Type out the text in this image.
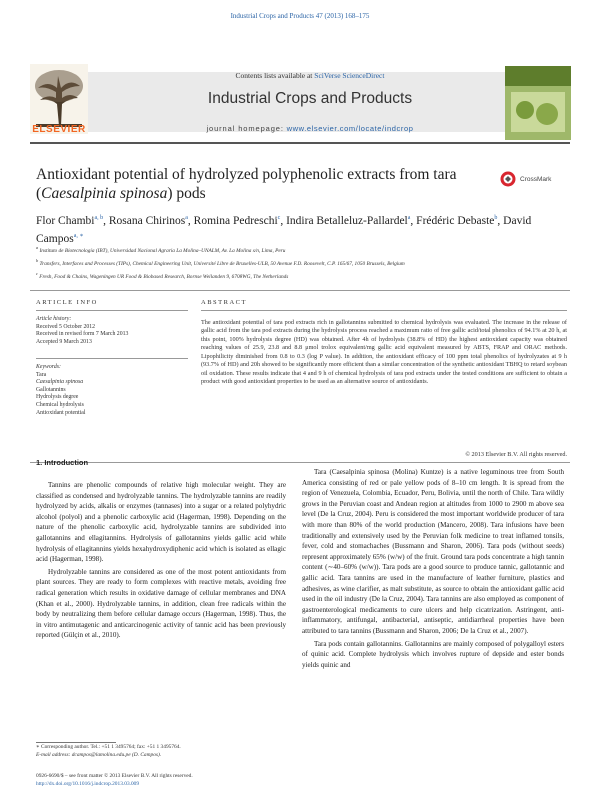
Industrial Crops and Products 47 (2013) 168–175
Contents lists available at SciVerse ScienceDirect
Industrial Crops and Products
journal homepage: www.elsevier.com/locate/indcrop
ELSEVIER
Antioxidant potential of hydrolyzed polyphenolic extracts from tara (Caesalpinia spinosa) pods
CrossMark
Flor Chambi$^{a, b}$, Rosana Chirinos$^a$, Romina Pedreschi$^c$, Indira Betalleluz-Pallardel$^a$, Frédéric Debaste$^b$, David Campos$^{a, ∗}$
$^a$ Instituto de Biotecnología (IBT), Universidad Nacional Agraria La Molina–UNALM, Av. La Molina s/n, Lima, Peru
$^b$ Transfers, Interfaces and Processes (TIPs), Chemical Engineering Unit, Université Libre de Bruxelles-ULB, 50 Avenue F.D. Roosevelt, C.P. 165/67, 1050 Brussels, Belgium
$^c$ Fresh, Food & Chains, Wageningen UR Food & Biobased Research, Bornse Weilanden 9, 6708WG, The Netherlands
ARTICLE INFO
Article history:
Received 5 October 2012
Received in revised form 7 March 2013
Accepted 9 March 2013
Keywords:
Tara
Caesalpinia spinosa
Gallotannins
Hydrolysis degree
Chemical hydrolysis
Antioxidant potential
ABSTRACT
The antioxidant potential of tara pod extracts rich in gallotannins submitted to chemical hydrolysis was evaluated. The increase in the release of gallic acid from the tara pod extracts during the hydrolysis process reached a maximum ratio of free gallic acid/total phenolics of 94.1% at 20 h, at this point, 100% hydrolysis degree (HD) was obtained. After 4h of hydrolysis (38.8% of HD) the highest antioxidant capacity was obtained reaching values of 25.9, 23.8 and 8.8 μmol trolox equivalent/mg gallic acid equivalent measured by ABTS, FRAP and ORAC methods. Lipophilicity diminished from 0.8 to 0.3 (log P value). In addition, the antioxidant efficacy of 100 ppm total phenolics of hydrolyzates at 9 h (93.7% of HD) and 20h showed to be significantly more efficient than a similar concentration of the synthetic antioxidant TBHQ to retard soybean oil oxidation. These results indicate that 4 and 9 h of chemical hydrolysis of tara pod extracts under the tested conditions are sufficient to obtain a product with good antioxidant properties to be used as an alternative source of antioxidants.
© 2013 Elsevier B.V. All rights reserved.
1. Introduction

Tannins are phenolic compounds of relative high molecular weight. They are classified as condensed and hydrolyzable tannins. The hydrolyzable tannins are readily hydrolyzed by acids, alkalis or enzymes (tannases) into a sugar or a related polyhydric alcohol (polyol) and a phenolic carboxylic acid (Hagerman, 1998). Depending on the nature of the phenolic carboxylic acid, hydrolyzable tannins are subdivided into gallotannins and ellagitannins. Hydrolysis of gallotannins yields gallic acid while hydrolysis of ellagitannins yields hexahydroxydiphenic acid which is isolated as ellagic acid (Hagerman, 1998).

Hydrolyzable tannins are considered as one of the most potent antioxidants from plant sources. They are ready to form complexes with reactive metals, avoiding free radical generation which results in oxidative damage of cellular membranes and DNA (Khan et al., 2000). Hydrolyzable tannins, in addition, clean free radicals within the body by neutralizing them before cellular damage occurs (Hagerman, 1998). Thus, the in vitro antimutagenic and anticarcinogenic activity of tannic acid has been previously reported (Gülçin et al., 2010).

Tara (Caesalpinia spinosa (Molina) Kuntze) is a native leguminous tree from South America consisting of red or pale yellow pods of 8–10 cm length. It is spread from the region of Venezuela, Colombia, Ecuador, Peru, Bolivia, until the north of Chile. Tara wildly grows in the Peruvian coast and Andean region at altitudes from 1000 to 2900 m above sea level (De la Cruz, 2004). Peru is considered the most important worldwide producer of tara with more than 80% of the world production (Mancero, 2008). Tara infusions have been traditionally and extensively used by the Peruvian folk medicine to treat inflamed tonsils, fever, cold and stomachaches (Bussmann and Sharon, 2006). Tara pods (without seeds) represent approximately 65% (w/w) of the fruit. Ground tara pods concentrate a high tannin content (∼40–60% (w/w)). Tara pods are a good source to produce tannic, gallotannic and gallic acid. Tara tannins are used in the manufacture of leather furniture, plastics and adhesives, as wine clarifier, as malt substitute, as source to obtain the antioxidant gallic acid used in the oil industry (De la Cruz, 2004). Tara tannins are also employed as component of gastroenterological medicaments to cure ulcers and help cicatrization. Astringent, anti-inflammatory, antifungal, antibacterial, antiseptic, antidiarrheal properties have been attributed to tara tannins (Bussmann and Sharon, 2006; De la Cruz et al., 2007).

Tara pods contain gallotannins. Gallotannins are mainly composed of polygalloyl esters of quinic acid. Complete hydrolysis which involves rupture of depside and ester bonds yields quinic and

∗ Corresponding author. Tel.: +51 1 3495764; fax: +51 1 3495764.
E-mail address: dcampos@lamolina.edu.pe (D. Campos).
0926-6690/$ – see front matter © 2013 Elsevier B.V. All rights reserved.
http://dx.doi.org/10.1016/j.indcrop.2013.03.009
